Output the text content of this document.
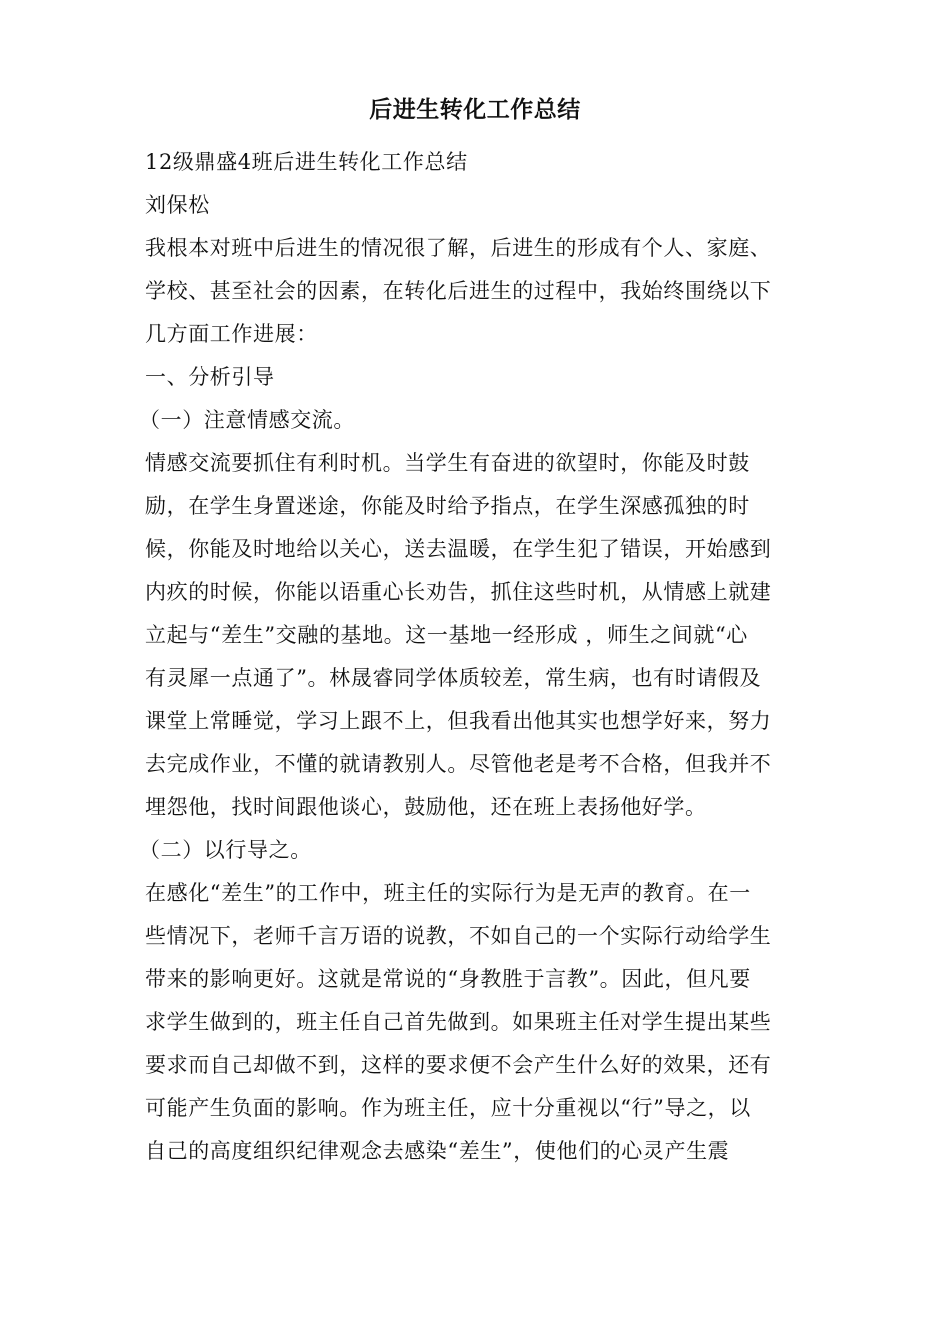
后进生转化工作总结
12级鼎盛4班后进生转化工作总结
刘保松
我根本对班中后进生的情况很了解，后进生的形成有个人、家庭、
学校、甚至社会的因素，在转化后进生的过程中，我始终围绕以下
几方面工作进展：
一、分析引导
（一）注意情感交流。
情感交流要抓住有利时机。当学生有奋进的欲望时，你能及时鼓
励，在学生身置迷途，你能及时给予指点，在学生深感孤独的时
候，你能及时地给以关心，送去温暖，在学生犯了错误，开始感到
内疚的时候，你能以语重心长劝告，抓住这些时机，从情感上就建
立起与“差生”交融的基地。这一基地一经形成 ，师生之间就“心
有灵犀一点通了”。林晟睿同学体质较差，常生病，也有时请假及
课堂上常睡觉，学习上跟不上，但我看出他其实也想学好来，努力
去完成作业，不懂的就请教别人。尽管他老是考不合格，但我并不
埋怨他，找时间跟他谈心，鼓励他，还在班上表扬他好学。
（二）以行导之。
在感化“差生”的工作中，班主任的实际行为是无声的教育。在一
些情况下，老师千言万语的说教，不如自己的一个实际行动给学生
带来的影响更好。这就是常说的“身教胜于言教”。因此，但凡要
求学生做到的，班主任自己首先做到。如果班主任对学生提出某些
要求而自己却做不到，这样的要求便不会产生什么好的效果，还有
可能产生负面的影响。作为班主任，应十分重视以“行”导之，以
自己的高度组织纪律观念去感染“差生”，使他们的心灵产生震
